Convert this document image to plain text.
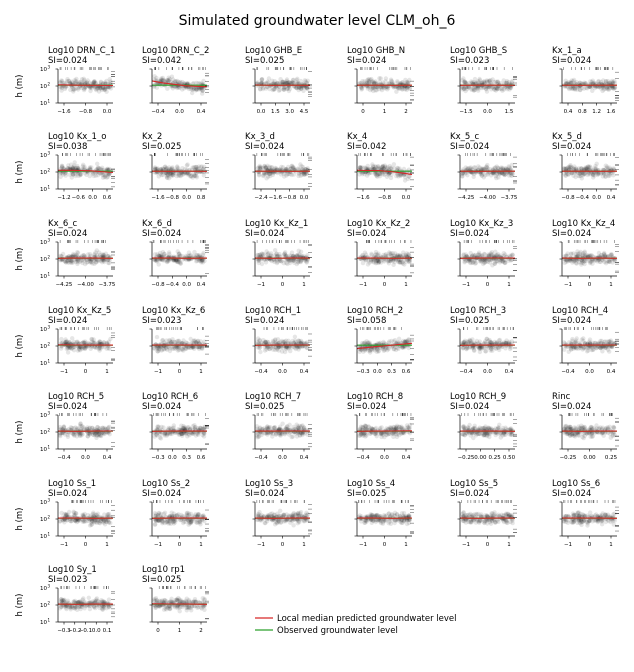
Simulated groundwater level CLM_oh_6
Log10 DRN_C_1
SI=0.024
−1.6 −0.8 0.0
10 3
10 2
10 1
h (m)
Log10 DRN_C_2
SI=0.042
−0.4 0.0 0.4
Log10 GHB_E
SI=0.025
0.0 1.5 3.0 4.5
Log10 GHB_N
SI=0.024
0	1	2
Log10 GHB_S
SI=0.023
−1.5 0.0 1.5
Kx_1_a
SI=0.024
0.4 0.8 1.2 1.6
Log10 Kx_1_o
SI=0.038
−1.2 −0.6 0.0 0.6
10 3
10 2
10 1
h (m)
Kx_2
SI=0.025
−1.6 −0.8 0.0 0.8
Kx_3_d
SI=0.024
−2.4 −1.6 −0.8 0.0
Kx_4
SI=0.042
−1.6 −0.8 0.0
Kx_5_c
SI=0.024
−4.25 −4.00 −3.75
Kx_5_d
SI=0.024
−0.8 −0.4 0.0 0.4
Kx_6_c
SI=0.024
−4.25 −4.00 −3.75
10 3
10 2
10 1
h (m)
Kx_6_d
SI=0.024
−0.8 −0.4 0.0 0.4
Log10 Kx_Kz_1
SI=0.024
−1	0	1
Log10 Kx_Kz_2
SI=0.024
−1	0	1
Log10 Kx_Kz_3
SI=0.024
−1	0	1
Log10 Kx_Kz_4
SI=0.024
−1	0	1
Log10 Kx_Kz_5
SI=0.024
−1	0	1
10 3
10 2
10 1
h (m)
Log10 Kx_Kz_6
SI=0.023
−1	0	1
Log10 RCH_1
SI=0.024
−0.4 0.0 0.4
Log10 RCH_2
SI=0.058
−0.3 0.0 0.3 0.6
Log10 RCH_3
SI=0.025
−0.4 0.0 0.4
Log10 RCH_4
SI=0.024
−0.4 0.0 0.4
Log10 RCH_5
SI=0.024
−0.4 0.0 0.4
10 3
10 2
10 1
h (m)
Log10 RCH_6
SI=0.024
−0.3 0.0 0.3 0.6
Log10 RCH_7
SI=0.025
−0.4 0.0 0.4
Log10 RCH_8
SI=0.024
−0.4 0.0 0.4
Log10 RCH_9
SI=0.024
−0.25 0.00 0.25 0.50
Rinc
SI=0.024
−0.25 0.00 0.25
Log10 Ss_1
SI=0.024
−1	0	1
10 3
10 2
10 1
h (m)
Log10 Ss_2
SI=0.024
−1	0	1
Log10 Ss_3
SI=0.024
−1	0	1
Log10 Ss_4
SI=0.025
−1	0	1
Log10 Ss_5
SI=0.024
−1	0	1
Log10 Ss_6
SI=0.024
−1	0	1
Log10 Sy_1
SI=0.023
−0.3
−0.2
−0.1 0.0 0.1
10 3
10 2
10 1
h (m)
Log10 rp1
SI=0.025
0	1	2
Local median predicted groundwater level
Observed groundwater level
